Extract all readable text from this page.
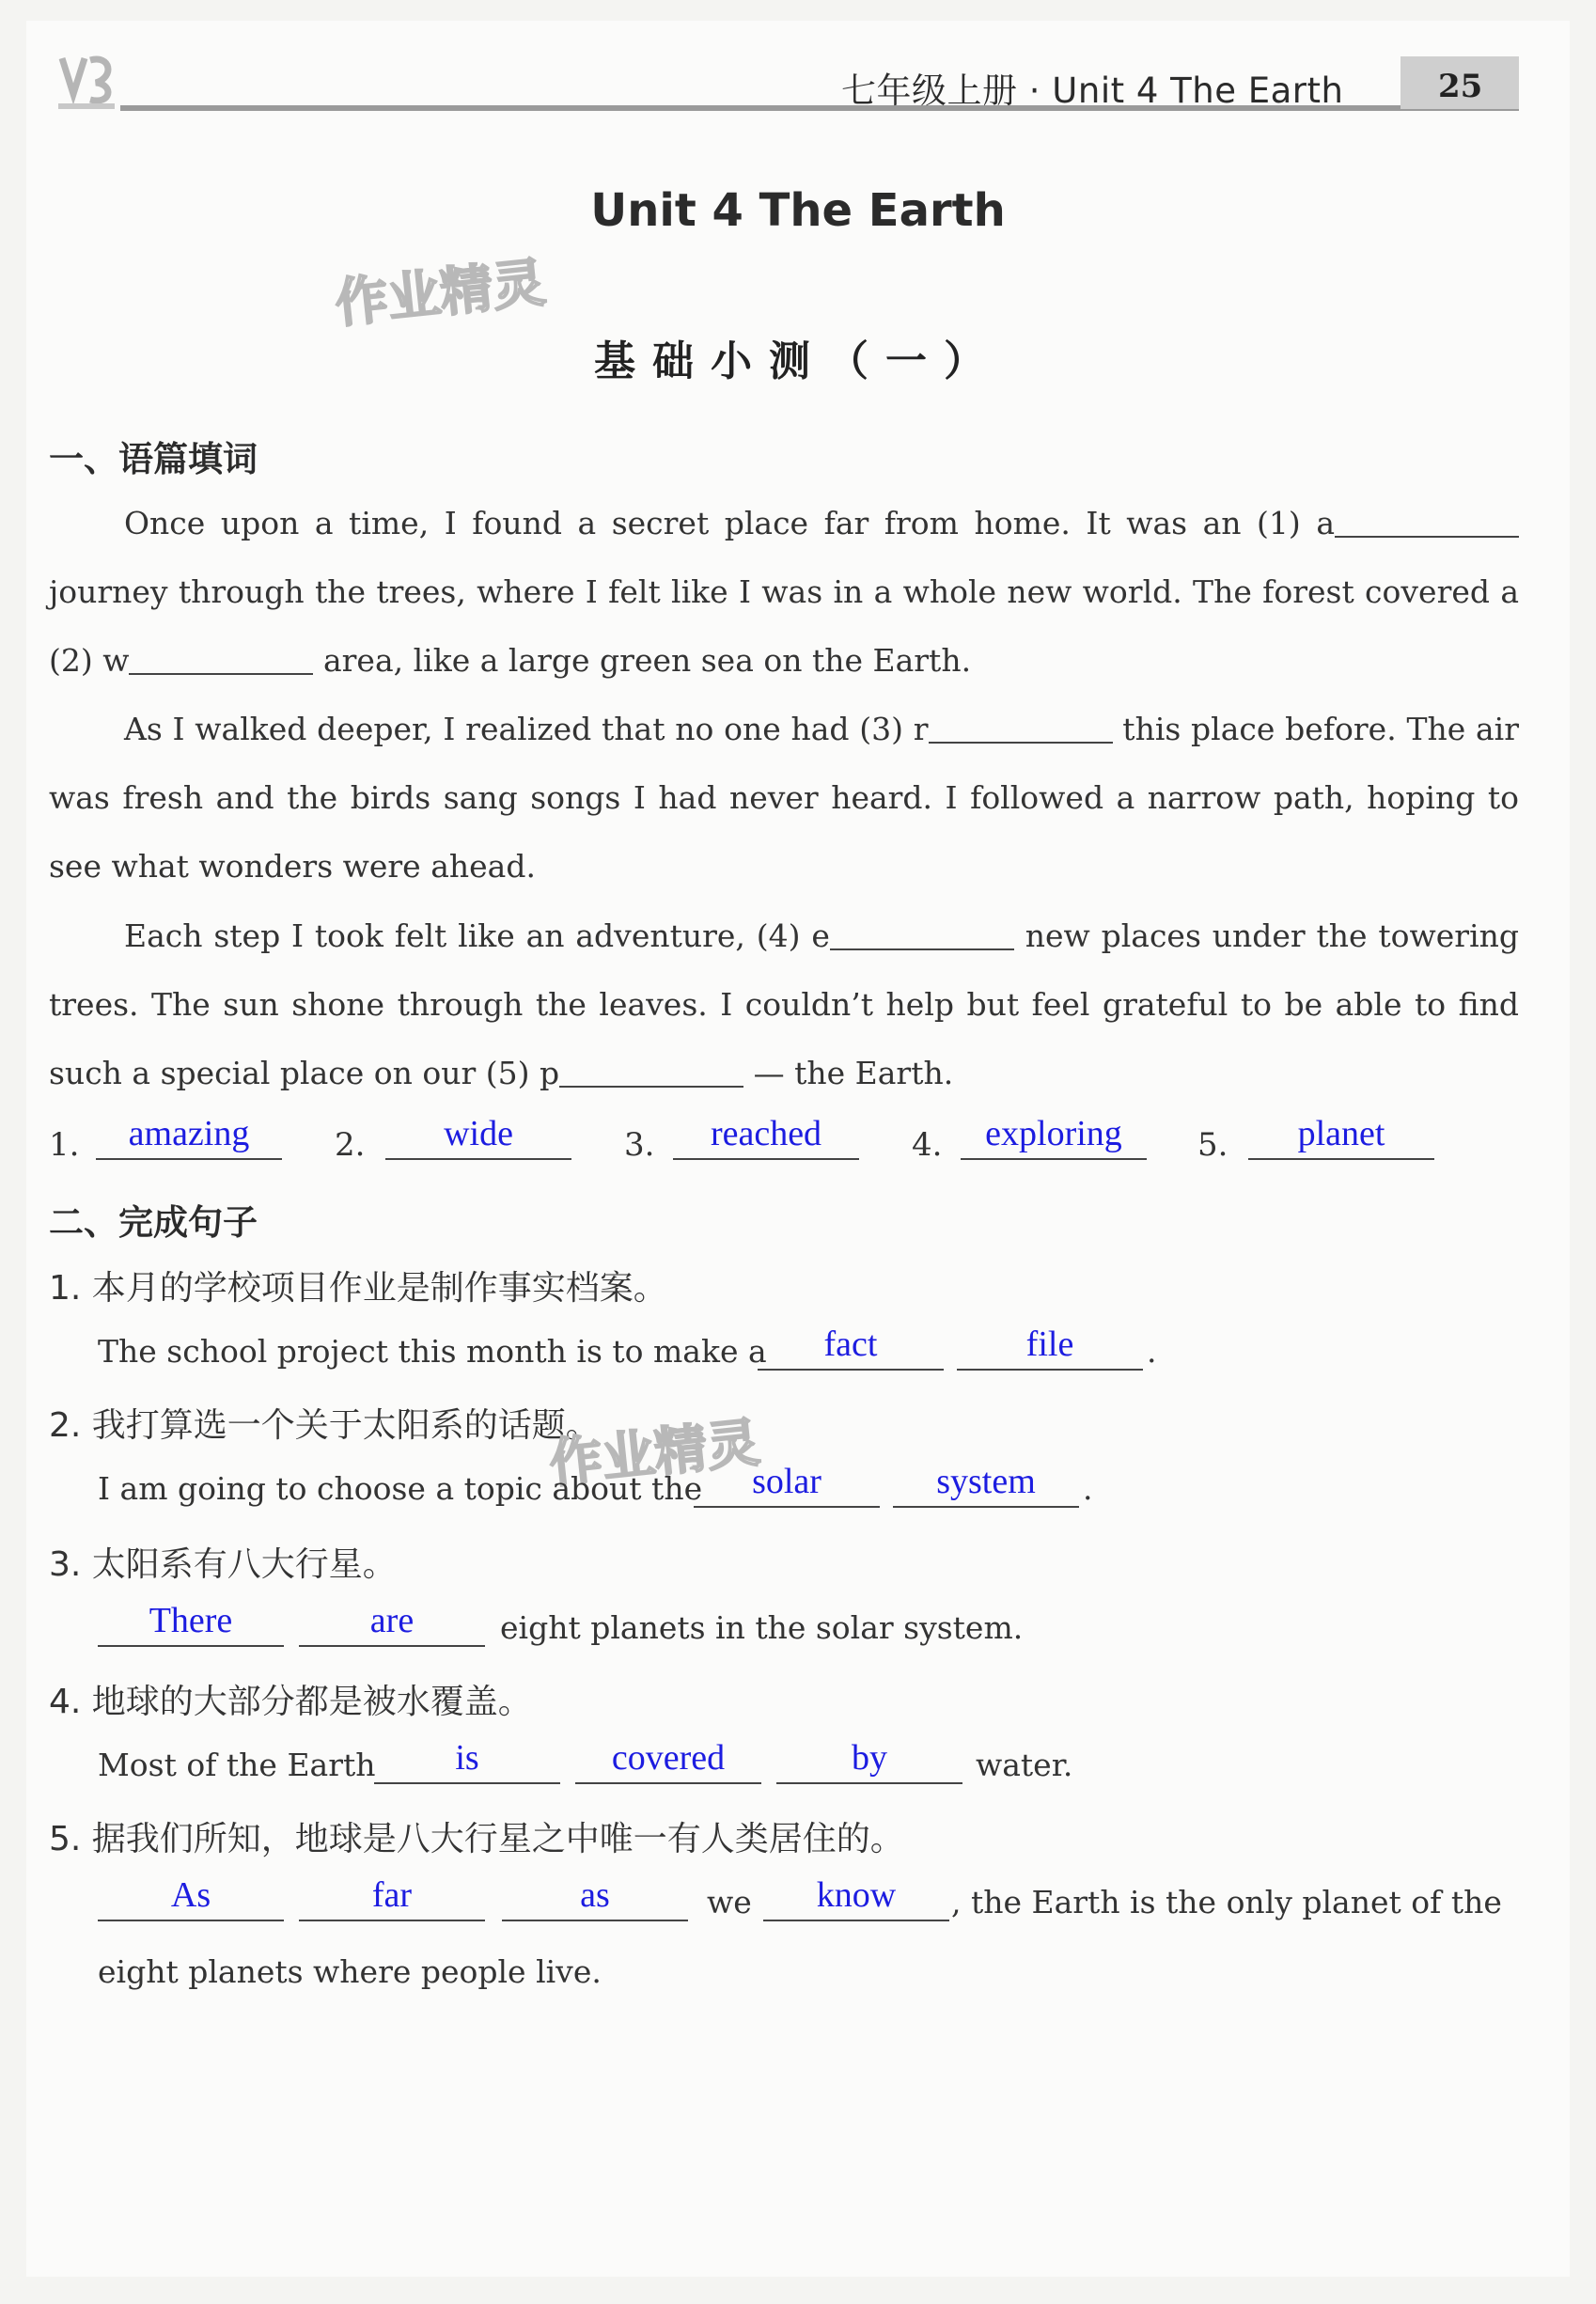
七年级上册 · Unit 4 The Earth	25
Unit 4 The Earth
作业精灵
基础小测（一）
一、语篇填词
Once upon a time, I found a secret place far from home. It was an (1) a journey through the trees, where I felt like I was in a whole new world. The forest covered a (2) w	area, like a large green sea on the Earth.
As I walked deeper, I realized that no one had (3) r	this place before. The air was fresh and the birds sang songs I had never heard. I followed a narrow path, hoping to see what wonders were ahead.
Each step I took felt like an adventure, (4) e	new places under the towering trees. The sun shone through the leaves. I couldn’t help but feel grateful to be able to find such a special place on our (5) p	— the Earth.
1.	amazing	2.	wide	3.	reached	4.	exploring	5.	planet
二、完成句子
1. 本月的学校项目作业是制作事实档案。
The school project this month is to make a	fact	file	.
2. 我打算选一个关于太阳系的话题。
作业精灵
I am going to choose a topic about the	solar	system	.
3. 太阳系有八大行星。
There	are	eight planets in the solar system.
4. 地球的大部分都是被水覆盖。
Most of the Earth	is	covered	by	water.
5. 据我们所知，地球是八大行星之中唯一有人类居住的。
As	far	as	we	know	, the Earth is the only planet of the
eight planets where people live.
